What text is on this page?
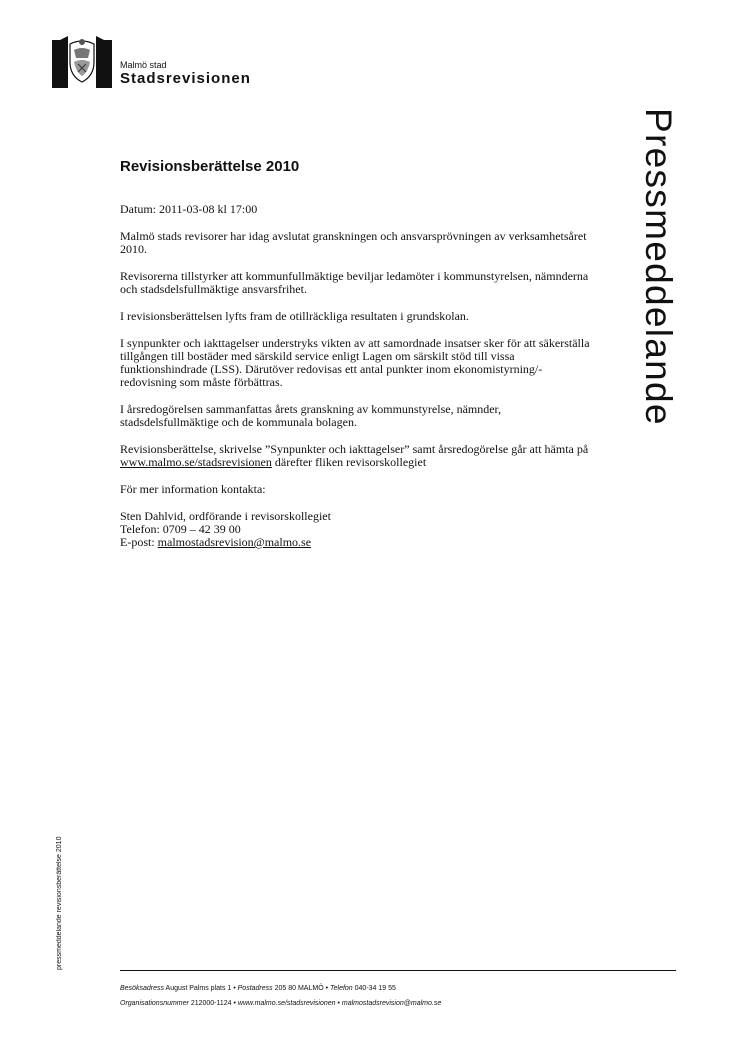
Malmö stad
Stadsrevisionen
Pressmeddelande
pressmeddelande revisionsberättelse 2010
Revisionsberättelse 2010

Datum: 2011-03-08 kl 17:00

Malmö stads revisorer har idag avslutat granskningen och ansvarsprövningen av verksamhetsåret 2010.

Revisorerna tillstyrker att kommunfullmäktige beviljar ledamöter i kommunstyrelsen, nämnderna och stadsdelsfullmäktige ansvarsfrihet.

I revisionsberättelsen lyfts fram de otillräckliga resultaten i grundskolan.

I synpunkter och iakttagelser understryks vikten av att samordnade insatser sker för att säkerställa tillgången till bostäder med särskild service enligt Lagen om särskilt stöd till vissa funktionshindrade (LSS). Därutöver redovisas ett antal punkter inom ekonomistyrning/-redovisning som måste förbättras.

I årsredogörelsen sammanfattas årets granskning av kommunstyrelse, nämnder, stadsdelsfullmäktige och de kommunala bolagen.

Revisionsberättelse, skrivelse ”Synpunkter och iakttagelser” samt årsredogörelse går att hämta på www.malmo.se/stadsrevisionen därefter fliken revisorskollegiet

För mer information kontakta:

Sten Dahlvid, ordförande i revisorskollegiet
Telefon: 0709 – 42 39 00
E-post: malmostadsrevision@malmo.se

Besöksadress August Palms plats 1 • Postadress 205 80 MALMÖ • Telefon 040-34 19 55
Organisationsnummer 212000-1124 • www.malmo.se/stadsrevisionen • malmostadsrevision@malmo.se
